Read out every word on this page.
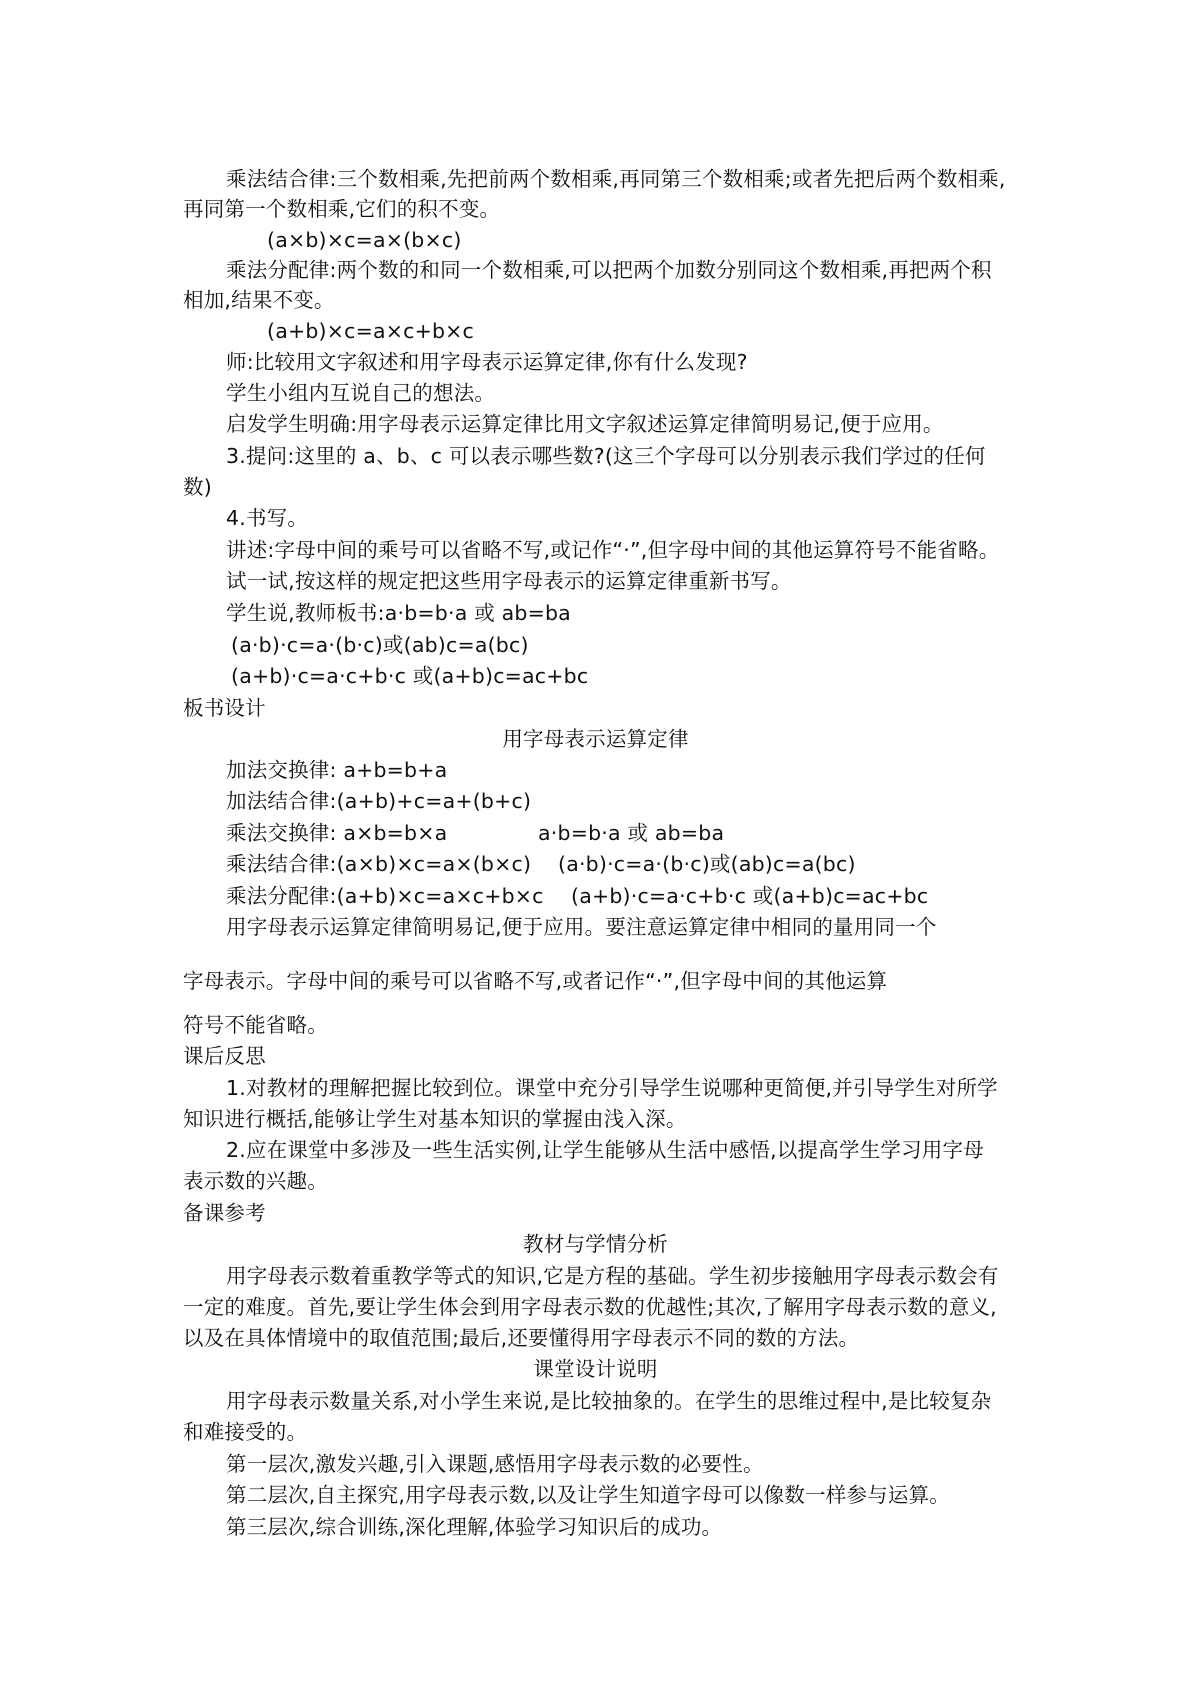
乘法结合律:三个数相乘,先把前两个数相乘,再同第三个数相乘;或者先把后两个数相乘,
再同第一个数相乘,它们的积不变。
(a×b)×c=a×(b×c)
乘法分配律:两个数的和同一个数相乘,可以把两个加数分别同这个数相乘,再把两个积
相加,结果不变。
(a+b)×c=a×c+b×c
师:比较用文字叙述和用字母表示运算定律,你有什么发现?
学生小组内互说自己的想法。
启发学生明确:用字母表示运算定律比用文字叙述运算定律简明易记,便于应用。
3.提问:这里的 a、b、c 可以表示哪些数?(这三个字母可以分别表示我们学过的任何
数)
4.书写。
讲述:字母中间的乘号可以省略不写,或记作“·”,但字母中间的其他运算符号不能省略。
试一试,按这样的规定把这些用字母表示的运算定律重新书写。
学生说,教师板书:a·b=b·a 或 ab=ba
(a·b)·c=a·(b·c)或(ab)c=a(bc)
(a+b)·c=a·c+b·c 或(a+b)c=ac+bc
板书设计
用字母表示运算定律
加法交换律: a+b=b+a
加法结合律:(a+b)+c=a+(b+c)
乘法交换律: a×b=b×a	a·b=b·a 或 ab=ba
乘法结合律:(a×b)×c=a×(b×c) (a·b)·c=a·(b·c)或(ab)c=a(bc)
乘法分配律:(a+b)×c=a×c+b×c (a+b)·c=a·c+b·c 或(a+b)c=ac+bc
用字母表示运算定律简明易记,便于应用。要注意运算定律中相同的量用同一个
字母表示。字母中间的乘号可以省略不写,或者记作“·”,但字母中间的其他运算
符号不能省略。
课后反思
1.对教材的理解把握比较到位。课堂中充分引导学生说哪种更简便,并引导学生对所学
知识进行概括,能够让学生对基本知识的掌握由浅入深。
2.应在课堂中多涉及一些生活实例,让学生能够从生活中感悟,以提高学生学习用字母
表示数的兴趣。
备课参考
教材与学情分析
用字母表示数着重教学等式的知识,它是方程的基础。学生初步接触用字母表示数会有
一定的难度。首先,要让学生体会到用字母表示数的优越性;其次,了解用字母表示数的意义,
以及在具体情境中的取值范围;最后,还要懂得用字母表示不同的数的方法。
课堂设计说明
用字母表示数量关系,对小学生来说,是比较抽象的。在学生的思维过程中,是比较复杂
和难接受的。
第一层次,激发兴趣,引入课题,感悟用字母表示数的必要性。
第二层次,自主探究,用字母表示数,以及让学生知道字母可以像数一样参与运算。
第三层次,综合训练,深化理解,体验学习知识后的成功。
